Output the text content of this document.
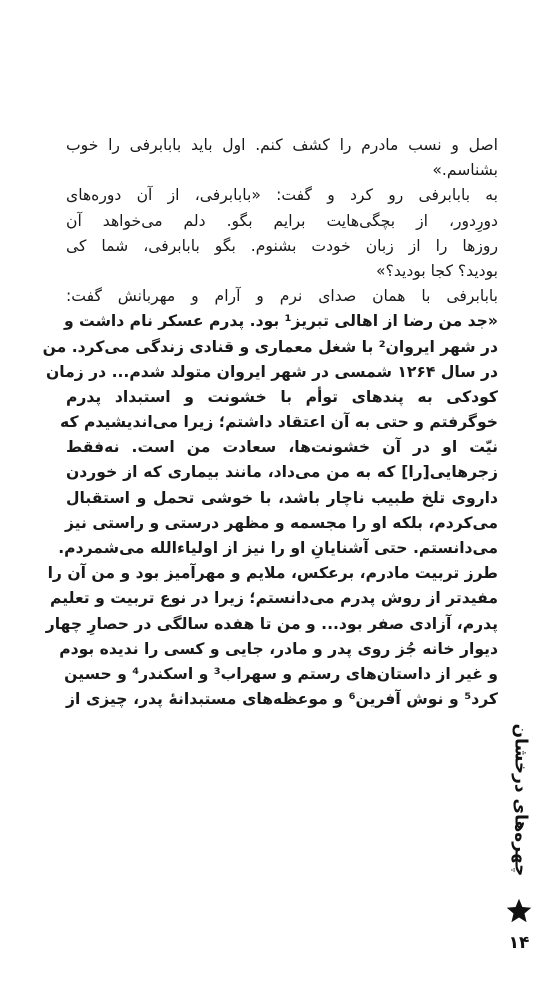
اصل و نسب مادرم را کشف کنم. اول باید بابابرفی را خوب
بشناسم.»
به بابابرفی رو کرد و گفت: «بابابرفی، از آن دوره‌های
دورِدور، از بچگی‌هایت برایم بگو. دلم می‌خواهد آن
روزها را از زبان خودت بشنوم. بگو بابابرفی، شما کی
بودید؟ کجا بودید؟»
بابابرفی با همان صدای نرم و آرام و مهربانش گفت:
«جد من رضا از اهالی تبریز¹ بود. پدرم عسکر نام داشت و
در شهر ایروان² با شغل معماری و قنادی زندگی می‌کرد. من
در سال ۱۲۶۴ شمسی در شهر ایروان متولد شدم... در زمان
کودکی به پندهای توأم با خشونت و استبداد پدرم
خوگرفتم و حتی به آن اعتقاد داشتم؛ زیرا می‌اندیشیدم که
نیّت او در آن خشونت‌ها، سعادت من است. نه‌فقط
زجرهایی[را] که به من می‌داد، مانند بیماری که از خوردن
داروی تلخ طبیب ناچار باشد، با خوشی تحمل و استقبال
می‌کردم، بلکه او را مجسمه و مظهر درستی و راستی نیز
می‌دانستم. حتی آشنایانِ او را نیز از اولیاءالله می‌شمردم.
طرز تربیت مادرم، برعکس، ملایم و مهرآمیز بود و من آن را
مفیدتر از روش پدرم می‌دانستم؛ زیرا در نوع تربیت و تعلیم
پدرم، آزادی صفر بود... و من تا هفده سالگی در حصارِ چهار
دیوار خانه جُز روی پدر و مادر، جایی و کسی را ندیده بودم
و غیر از داستان‌های رستم و سهراب³ و اسکندر⁴ و حسین
کرد⁵ و نوش آفرین⁶ و موعظه‌های مستبدانهٔ پدر، چیزی از
چهره‌های درخشان
۱۴
